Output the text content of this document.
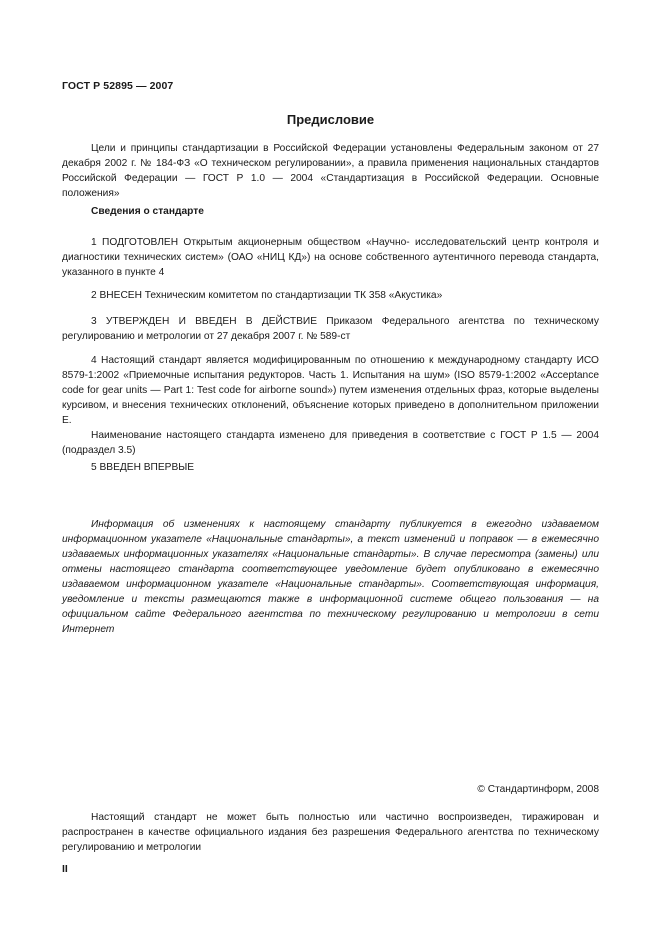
ГОСТ Р 52895 — 2007
Предисловие

Цели и принципы стандартизации в Российской Федерации установлены Федеральным законом от 27 декабря 2002 г. № 184-ФЗ «О техническом регулировании», а правила применения национальных стандартов Российской Федерации — ГОСТ Р 1.0 — 2004 «Стандартизация в Российской Федерации. Основные положения»

Сведения о стандарте

1 ПОДГОТОВЛЕН Открытым акционерным обществом «Научно- исследовательский центр контроля и диагностики технических систем» (ОАО «НИЦ КД») на основе собственного аутентичного перевода стандарта, указанного в пункте 4

2 ВНЕСЕН Техническим комитетом по стандартизации ТК 358 «Акустика»

3 УТВЕРЖДЕН И ВВЕДЕН В ДЕЙСТВИЕ Приказом Федерального агентства по техническому регулированию и метрологии от 27 декабря 2007 г. № 589-ст

4 Настоящий стандарт является модифицированным по отношению к международному стандарту ИСО 8579-1:2002 «Приемочные испытания редукторов. Часть 1. Испытания на шум» (ISO 8579-1:2002 «Acceptance code for gear units — Part 1: Test code for airborne sound») путем изменения отдельных фраз, которые выделены курсивом, и внесения технических отклонений, объяснение которых приведено в дополнительном приложении Е.

Наименование настоящего стандарта изменено для приведения в соответствие с ГОСТ Р 1.5 — 2004 (подраздел 3.5)

5 ВВЕДЕН ВПЕРВЫЕ

Информация об изменениях к настоящему стандарту публикуется в ежегодно издаваемом информационном указателе «Национальные стандарты», а текст изменений и поправок — в ежемесячно издаваемых информационных указателях «Национальные стандарты». В случае пересмотра (замены) или отмены настоящего стандарта соответствующее уведомление будет опубликовано в ежемесячно издаваемом информационном указателе «Национальные стандарты». Соответствующая информация, уведомление и тексты размещаются также в информационной системе общего пользования — на официальном сайте Федерального агентства по техническому регулированию и метрологии в сети Интернет

© Стандартинформ, 2008

Настоящий стандарт не может быть полностью или частично воспроизведен, тиражирован и распространен в качестве официального издания без разрешения Федерального агентства по техническому регулированию и метрологии

II
